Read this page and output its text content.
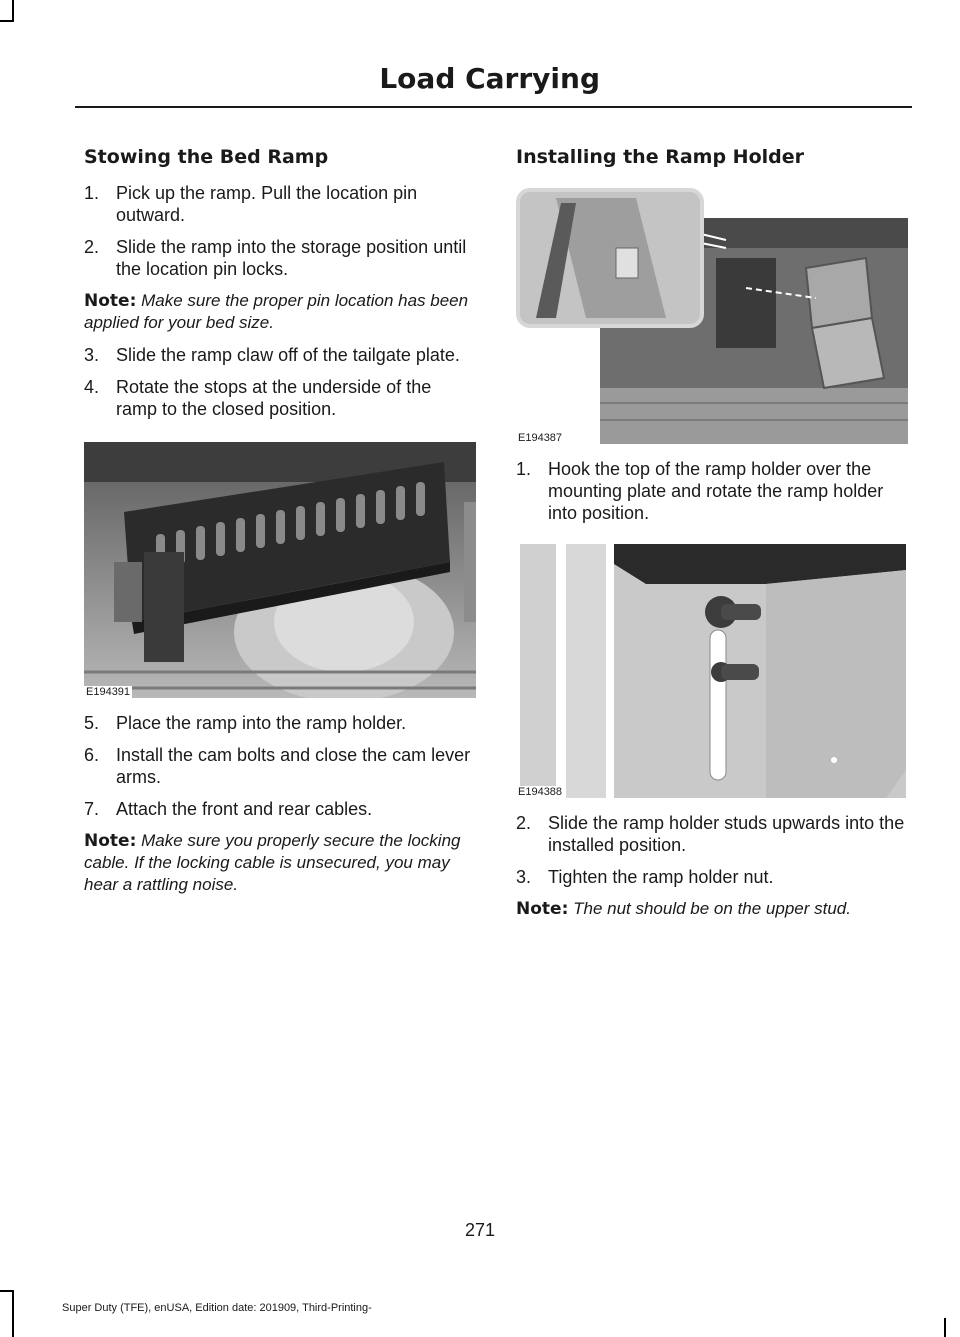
Load Carrying
Stowing the Bed Ramp
1. Pick up the ramp. Pull the location pin outward.
2. Slide the ramp into the storage position until the location pin locks.

Note: Make sure the proper pin location has been applied for your bed size.

3. Slide the ramp claw off of the tailgate plate.
4. Rotate the stops at the underside of the ramp to the closed position.
E194391
5. Place the ramp into the ramp holder.
6. Install the cam bolts and close the cam lever arms.
7. Attach the front and rear cables.

Note: Make sure you properly secure the locking cable. If the locking cable is unsecured, you may hear a rattling noise.

Installing the Ramp Holder
E194387
1. Hook the top of the ramp holder over the mounting plate and rotate the ramp holder into position.
E194388
2. Slide the ramp holder studs upwards into the installed position.
3. Tighten the ramp holder nut.

Note: The nut should be on the upper stud.

271
Super Duty (TFE), enUSA, Edition date: 201909, Third-Printing-
